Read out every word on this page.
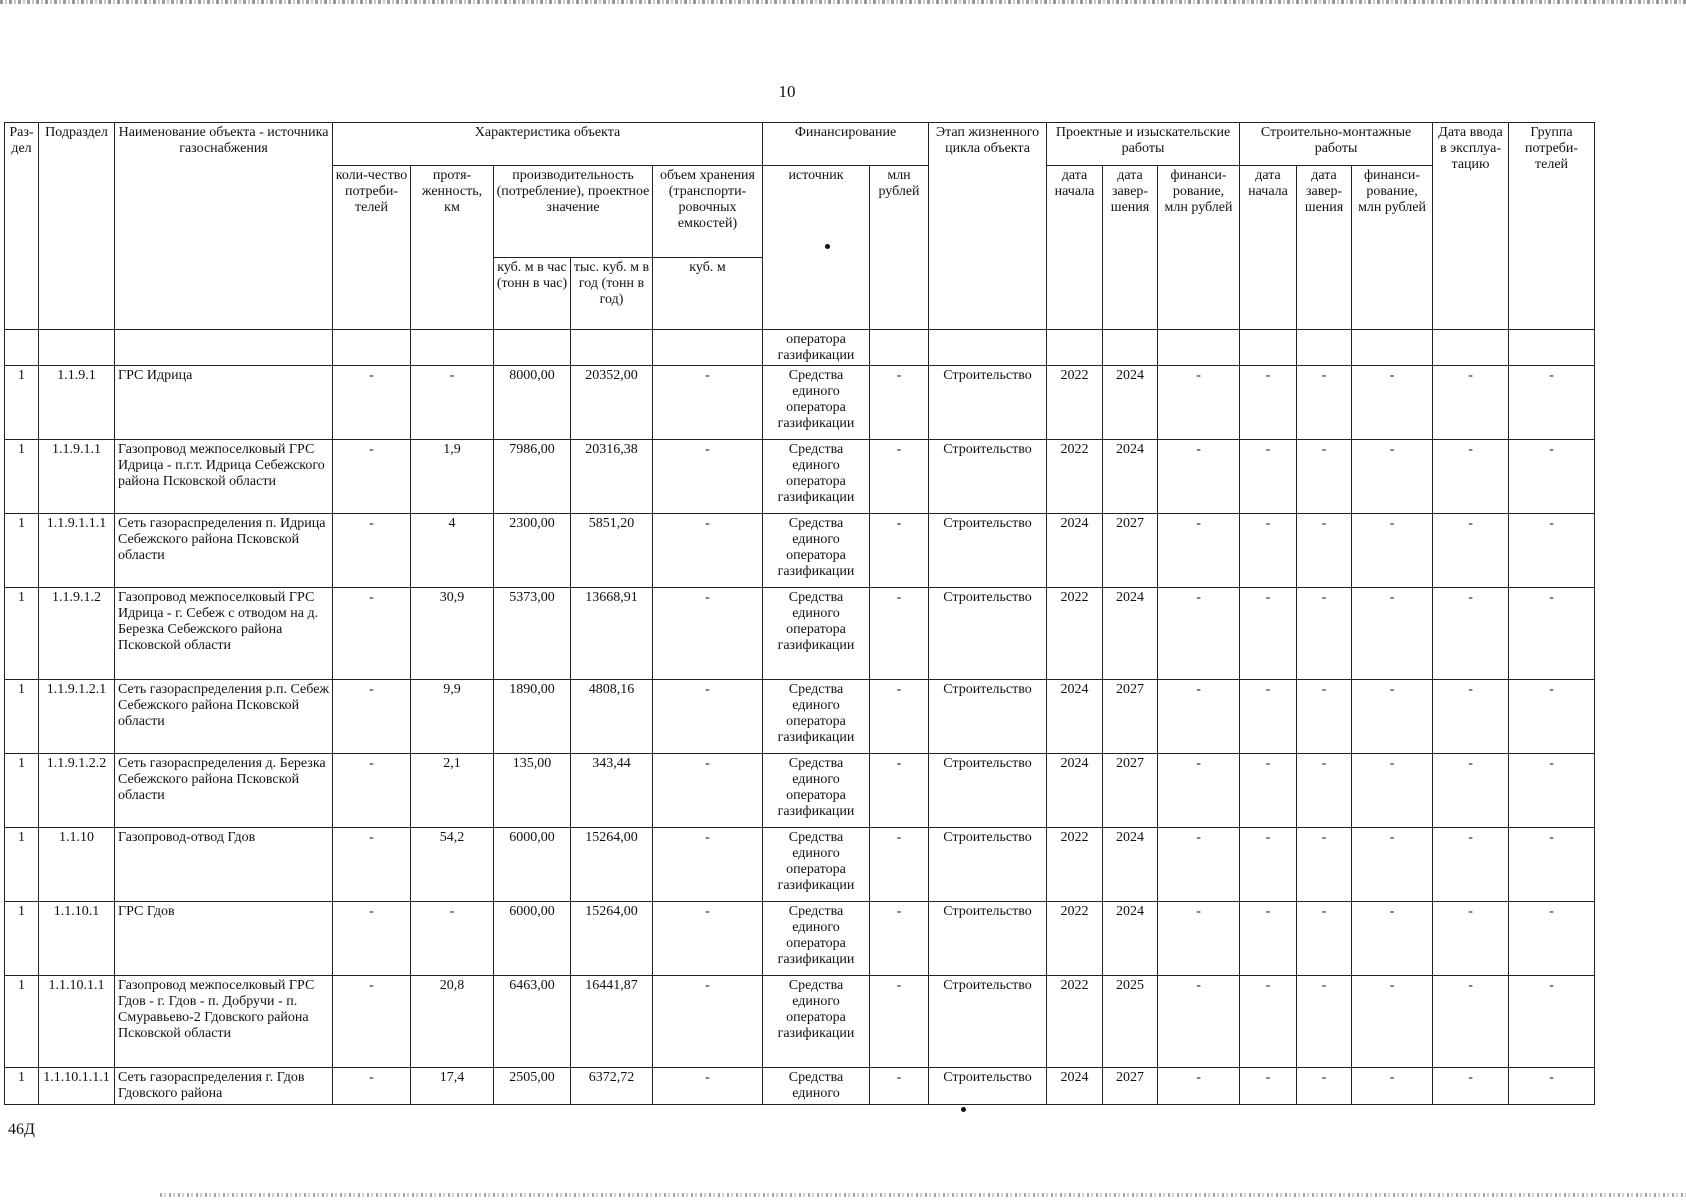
10
Раз-дел	Подраздел	Наименование объекта - источника газоснабжения	Характеристика объекта					Финансирование		Этап жизненного цикла объекта	Проектные и изыскательские работы			Строительно-монтажные работы			Дата ввода в эксплуа-тацию	Группа потреби-телей
			коли-чество потреби-телей	протя-женность, км	производительность (потребление), проектное значение		объем хранения (транспорти-ровочных емкостей)	источник	млн рублей		дата начала	дата завер-шения	финанси-рование, млн рублей	дата начала	дата завер-шения	финанси-рование, млн рублей		
					куб. м в час (тонн в час)	тыс. куб. м в год (тонн в год)	куб. м											
								оператора газификации										
1	1.1.9.1	ГРС Идрица	-	-	8000,00	20352,00	-	Средства единого оператора газификации	-	Строительство	2022	2024	-	-	-	-	-	-
1	1.1.9.1.1	Газопровод межпоселковый ГРС Идрица - п.г.т. Идрица Себежского района Псковской области	-	1,9	7986,00	20316,38	-	Средства единого оператора газификации	-	Строительство	2022	2024	-	-	-	-	-	-
1	1.1.9.1.1.1	Сеть газораспределения п. Идрица Себежского района Псковской области	-	4	2300,00	5851,20	-	Средства единого оператора газификации	-	Строительство	2024	2027	-	-	-	-	-	-
1	1.1.9.1.2	Газопровод межпоселковый ГРС Идрица - г. Себеж с отводом на д. Березка Себежского района Псковской области	-	30,9	5373,00	13668,91	-	Средства единого оператора газификации	-	Строительство	2022	2024	-	-	-	-	-	-
1	1.1.9.1.2.1	Сеть газораспределения р.п. Себеж Себежского района Псковской области	-	9,9	1890,00	4808,16	-	Средства единого оператора газификации	-	Строительство	2024	2027	-	-	-	-	-	-
1	1.1.9.1.2.2	Сеть газораспределения д. Березка Себежского района Псковской области	-	2,1	135,00	343,44	-	Средства единого оператора газификации	-	Строительство	2024	2027	-	-	-	-	-	-
1	1.1.10	Газопровод-отвод Гдов	-	54,2	6000,00	15264,00	-	Средства единого оператора газификации	-	Строительство	2022	2024	-	-	-	-	-	-
1	1.1.10.1	ГРС Гдов	-	-	6000,00	15264,00	-	Средства единого оператора газификации	-	Строительство	2022	2024	-	-	-	-	-	-
1	1.1.10.1.1	Газопровод межпоселковый ГРС Гдов - г. Гдов - п. Добручи - п. Смуравьево-2 Гдовского района Псковской области	-	20,8	6463,00	16441,87	-	Средства единого оператора газификации	-	Строительство	2022	2025	-	-	-	-	-	-
1	1.1.10.1.1.1	Сеть газораспределения г. Гдов Гдовского района	-	17,4	2505,00	6372,72	-	Средства единого	-	Строительство	2024	2027	-	-	-	-	-	-
46Д
